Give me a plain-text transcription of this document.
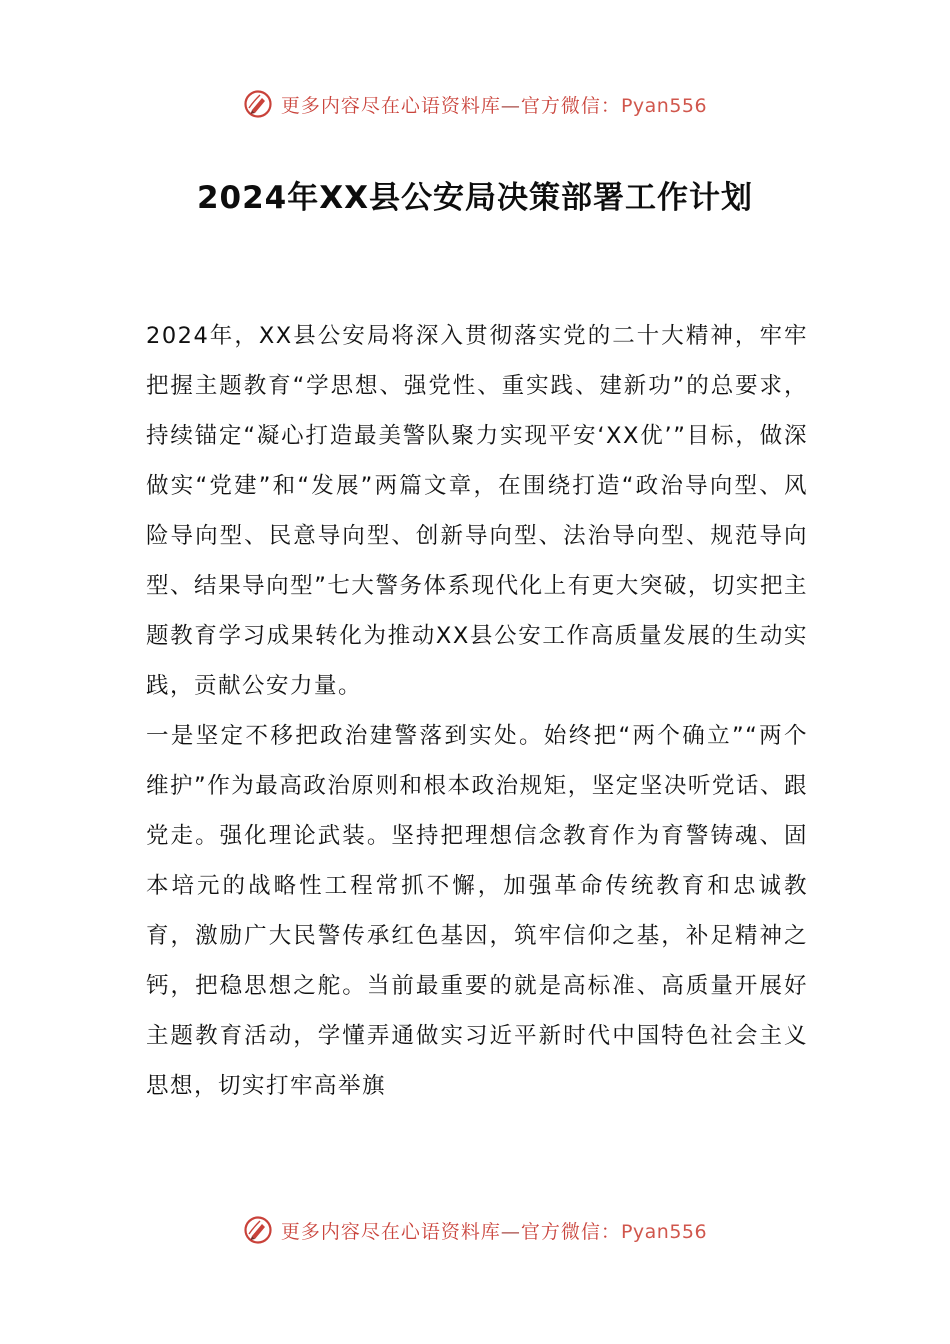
更多内容尽在心语资料库—官方微信：Pyan556
2024年XX县公安局决策部署工作计划

2024年，XX县公安局将深入贯彻落实党的二十大精神，牢牢把握主题教育“学思想、强党性、重实践、建新功”的总要求，持续锚定“凝心打造最美警队聚力实现平安‘XX优’”目标，做深做实“党建”和“发展”两篇文章，在围绕打造“政治导向型、风险导向型、民意导向型、创新导向型、法治导向型、规范导向型、结果导向型”七大警务体系现代化上有更大突破，切实把主题教育学习成果转化为推动XX县公安工作高质量发展的生动实践，贡献公安力量。

一是坚定不移把政治建警落到实处。始终把“两个确立”“两个维护”作为最高政治原则和根本政治规矩，坚定坚决听党话、跟党走。强化理论武装。坚持把理想信念教育作为育警铸魂、固本培元的战略性工程常抓不懈，加强革命传统教育和忠诚教育，激励广大民警传承红色基因，筑牢信仰之基，补足精神之钙，把稳思想之舵。当前最重要的就是高标准、高质量开展好主题教育活动，学懂弄通做实习近平新时代中国特色社会主义思想，切实打牢高举旗

更多内容尽在心语资料库—官方微信：Pyan556
